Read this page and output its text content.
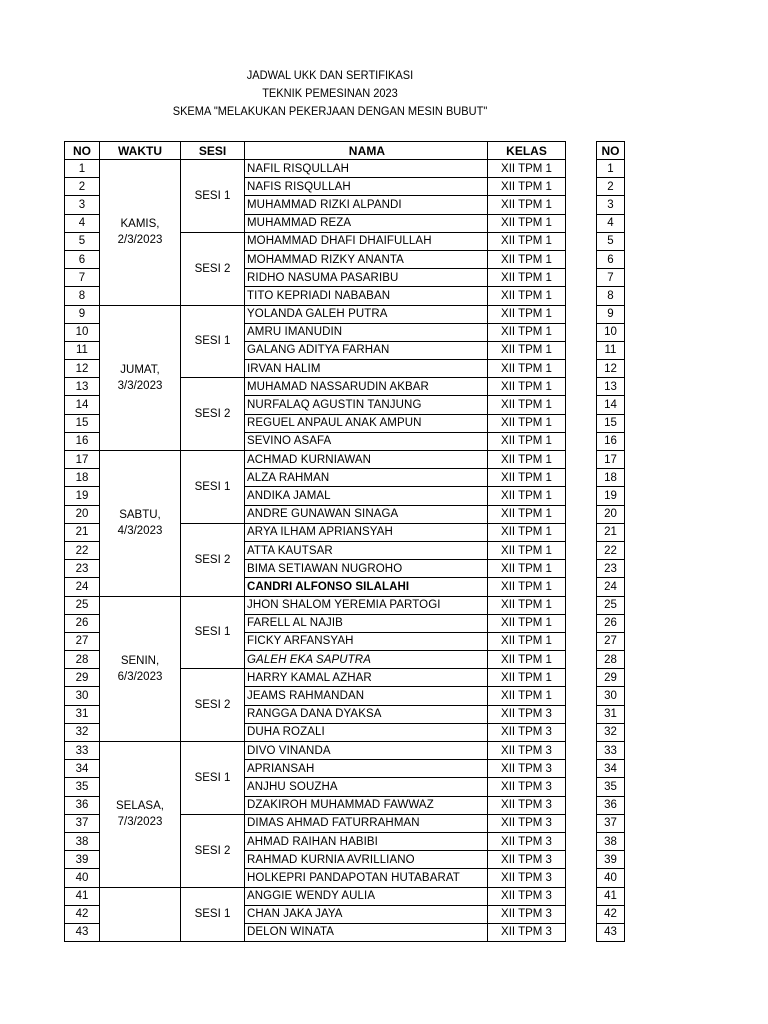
JADWAL UKK DAN SERTIFIKASI
TEKNIK PEMESINAN 2023
SKEMA "MELAKUKAN PEKERJAAN DENGAN MESIN BUBUT"
NO	WAKTU	SESI	NAMA	KELAS
1	KAMIS, 2/3/2023	SESI 1	NAFIL RISQULLAH	XII TPM 1
2			NAFIS RISQULLAH	XII TPM 1
3			MUHAMMAD RIZKI ALPANDI	XII TPM 1
4			MUHAMMAD REZA	XII TPM 1
5		SESI 2	MOHAMMAD DHAFI DHAIFULLAH	XII TPM 1
6			MOHAMMAD RIZKY ANANTA	XII TPM 1
7			RIDHO NASUMA PASARIBU	XII TPM 1
8			TITO KEPRIADI NABABAN	XII TPM 1
9	JUMAT, 3/3/2023	SESI 1	YOLANDA GALEH PUTRA	XII TPM 1
10			AMRU IMANUDIN	XII TPM 1
11			GALANG ADITYA FARHAN	XII TPM 1
12			IRVAN HALIM	XII TPM 1
13		SESI 2	MUHAMAD NASSARUDIN AKBAR	XII TPM 1
14			NURFALAQ AGUSTIN TANJUNG	XII TPM 1
15			REGUEL ANPAUL ANAK AMPUN	XII TPM 1
16			SEVINO ASAFA	XII TPM 1
17	SABTU, 4/3/2023	SESI 1	ACHMAD KURNIAWAN	XII TPM 1
18			ALZA RAHMAN	XII TPM 1
19			ANDIKA JAMAL	XII TPM 1
20			ANDRE GUNAWAN SINAGA	XII TPM 1
21		SESI 2	ARYA ILHAM APRIANSYAH	XII TPM 1
22			ATTA KAUTSAR	XII TPM 1
23			BIMA SETIAWAN NUGROHO	XII TPM 1
24			CANDRI ALFONSO SILALAHI	XII TPM 1
25	SENIN, 6/3/2023	SESI 1	JHON SHALOM YEREMIA PARTOGI	XII TPM 1
26			FARELL AL NAJIB	XII TPM 1
27			FICKY ARFANSYAH	XII TPM 1
28			GALEH EKA SAPUTRA	XII TPM 1
29		SESI 2	HARRY KAMAL AZHAR	XII TPM 1
30			JEAMS RAHMANDAN	XII TPM 1
31			RANGGA DANA DYAKSA	XII TPM 3
32			DUHA ROZALI	XII TPM 3
33	SELASA, 7/3/2023	SESI 1	DIVO VINANDA	XII TPM 3
34			APRIANSAH	XII TPM 3
35			ANJHU SOUZHA	XII TPM 3
36			DZAKIROH MUHAMMAD FAWWAZ	XII TPM 3
37		SESI 2	DIMAS AHMAD FATURRAHMAN	XII TPM 3
38			AHMAD RAIHAN HABIBI	XII TPM 3
39			RAHMAD KURNIA AVRILLIANO	XII TPM 3
40			HOLKEPRI PANDAPOTAN HUTABARAT	XII TPM 3
41		SESI 1	ANGGIE WENDY AULIA	XII TPM 3
42			CHAN JAKA JAYA	XII TPM 3
43			DELON WINATA	XII TPM 3
NO
1
2
3
4
5
6
7
8
9
10
11
12
13
14
15
16
17
18
19
20
21
22
23
24
25
26
27
28
29
30
31
32
33
34
35
36
37
38
39
40
41
42
43
